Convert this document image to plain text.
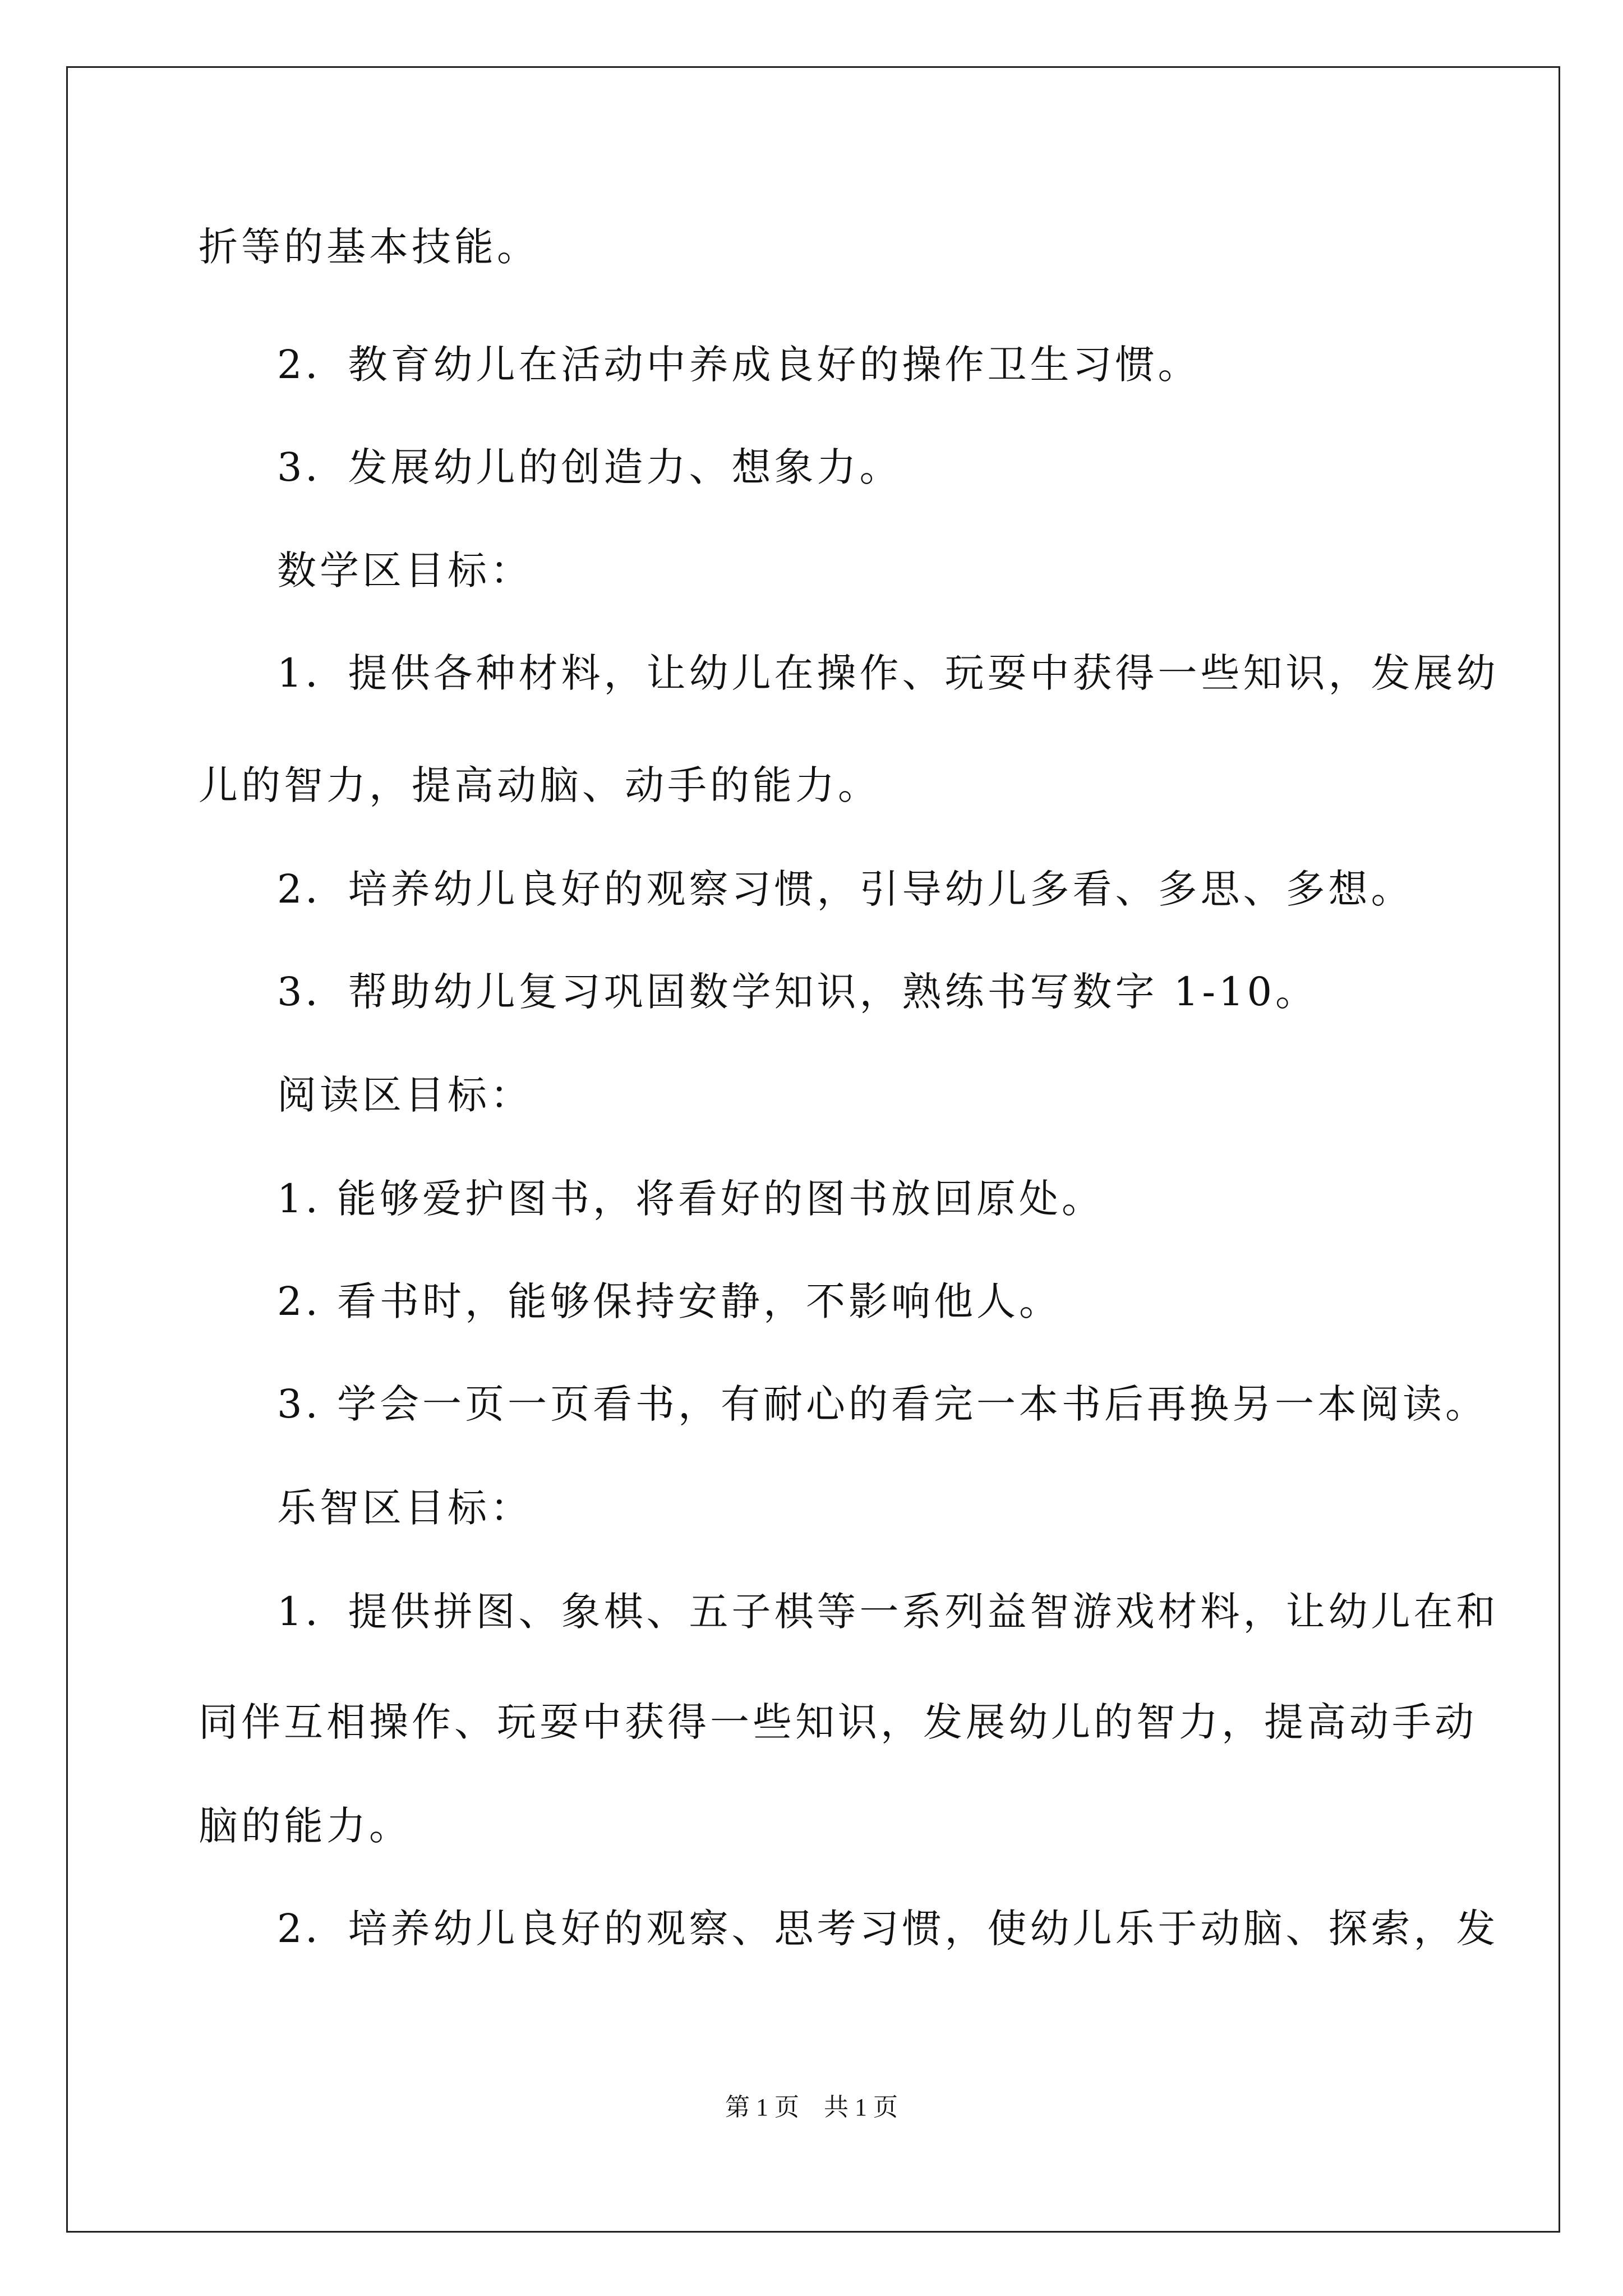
折等的基本技能。
2．教育幼儿在活动中养成良好的操作卫生习惯。
3．发展幼儿的创造力、想象力。
数学区目标：
1．提供各种材料，让幼儿在操作、玩耍中获得一些知识，发展幼
儿的智力，提高动脑、动手的能力。
2．培养幼儿良好的观察习惯，引导幼儿多看、多思、多想。
3．帮助幼儿复习巩固数学知识，熟练书写数字 1-10。
阅读区目标：
1. 能够爱护图书，将看好的图书放回原处。
2. 看书时，能够保持安静，不影响他人。
3. 学会一页一页看书，有耐心的看完一本书后再换另一本阅读。
乐智区目标：
1．提供拼图、象棋、五子棋等一系列益智游戏材料，让幼儿在和
同伴互相操作、玩耍中获得一些知识，发展幼儿的智力，提高动手动
脑的能力。
2．培养幼儿良好的观察、思考习惯，使幼儿乐于动脑、探索，发
第 1 页　共 1 页
